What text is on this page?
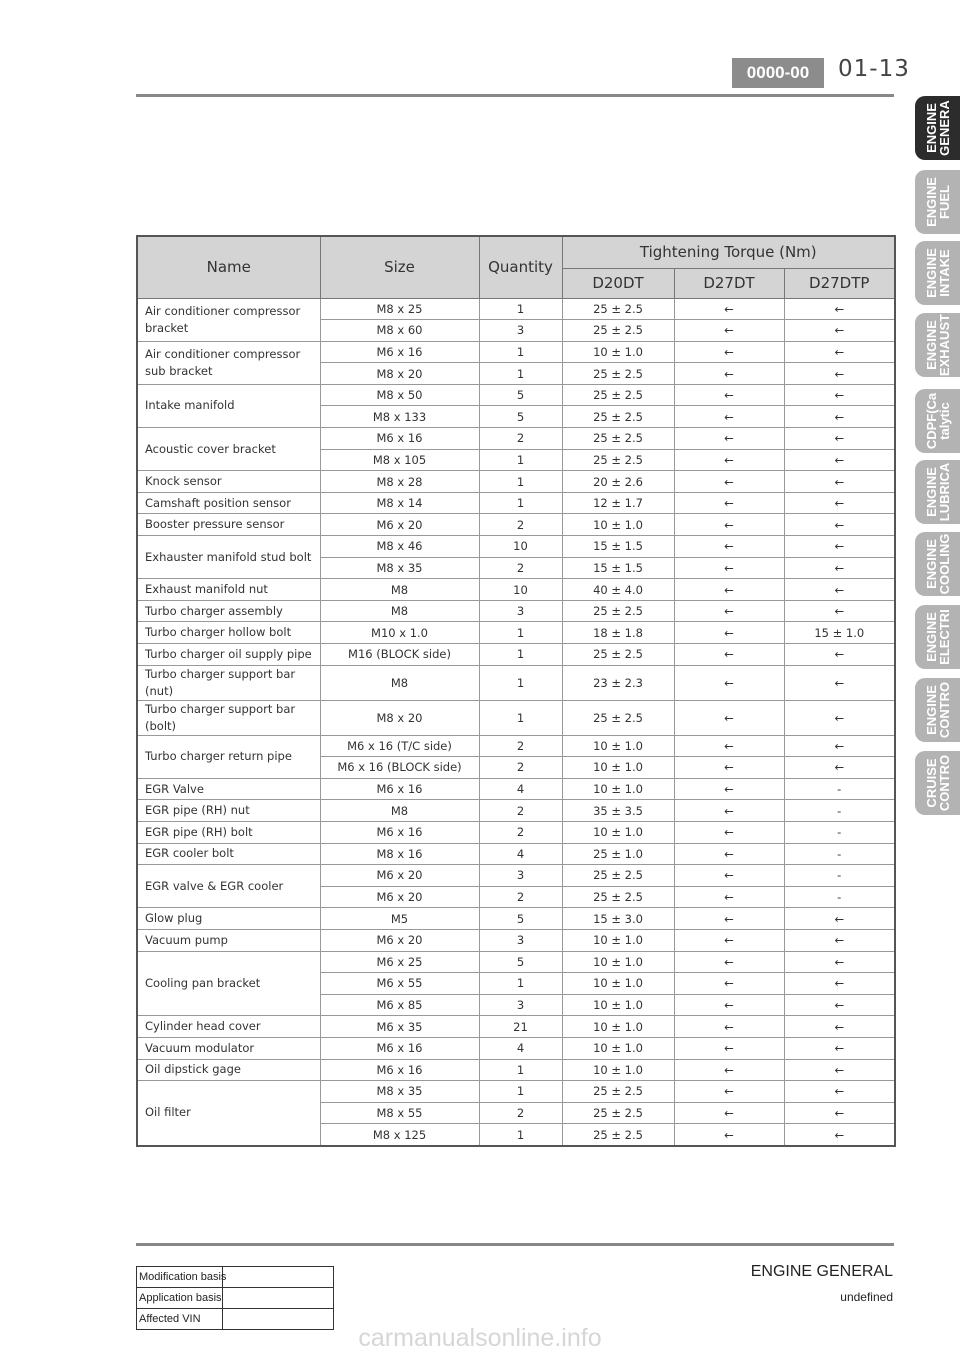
0000-00	01-13
ENGINE
GENERA
ENGINE
FUEL
ENGINE
INTAKE
ENGINE
EXHAUST
CDPF(Ca
talytic
ENGINE
LUBRICA
ENGINE
COOLING
ENGINE
ELECTRI
ENGINE
CONTRO
CRUISE
CONTRO
Name	Size	Quantity	Tightening Torque (Nm)		
			D20DT	D27DT	D27DTP
Air conditioner compressor bracket	M8 x 25	1	25 ± 2.5	←	←
	M8 x 60	3	25 ± 2.5	←	←
Air conditioner compressor sub bracket	M6 x 16	1	10 ± 1.0	←	←
	M8 x 20	1	25 ± 2.5	←	←
Intake manifold	M8 x 50	5	25 ± 2.5	←	←
	M8 x 133	5	25 ± 2.5	←	←
Acoustic cover bracket	M6 x 16	2	25 ± 2.5	←	←
	M8 x 105	1	25 ± 2.5	←	←
Knock sensor	M8 x 28	1	20 ± 2.6	←	←
Camshaft position sensor	M8 x 14	1	12 ± 1.7	←	←
Booster pressure sensor	M6 x 20	2	10 ± 1.0	←	←
Exhauster manifold stud bolt	M8 x 46	10	15 ± 1.5	←	←
	M8 x 35	2	15 ± 1.5	←	←
Exhaust manifold nut	M8	10	40 ± 4.0	←	←
Turbo charger assembly	M8	3	25 ± 2.5	←	←
Turbo charger hollow bolt	M10 x 1.0	1	18 ± 1.8	←	15 ± 1.0
Turbo charger oil supply pipe	M16 (BLOCK side)	1	25 ± 2.5	←	←
Turbo charger support bar (nut)	M8	1	23 ± 2.3	←	←
Turbo charger support bar (bolt)	M8 x 20	1	25 ± 2.5	←	←
Turbo charger return pipe	M6 x 16 (T/C side)	2	10 ± 1.0	←	←
	M6 x 16 (BLOCK side)	2	10 ± 1.0	←	←
EGR Valve	M6 x 16	4	10 ± 1.0	←	-
EGR pipe (RH) nut	M8	2	35 ± 3.5	←	-
EGR pipe (RH) bolt	M6 x 16	2	10 ± 1.0	←	-
EGR cooler bolt	M8 x 16	4	25 ± 1.0	←	-
EGR valve & EGR cooler	M6 x 20	3	25 ± 2.5	←	-
	M6 x 20	2	25 ± 2.5	←	-
Glow plug	M5	5	15 ± 3.0	←	←
Vacuum pump	M6 x 20	3	10 ± 1.0	←	←
Cooling pan bracket	M6 x 25	5	10 ± 1.0	←	←
	M6 x 55	1	10 ± 1.0	←	←
	M6 x 85	3	10 ± 1.0	←	←
Cylinder head cover	M6 x 35	21	10 ± 1.0	←	←
Vacuum modulator	M6 x 16	4	10 ± 1.0	←	←
Oil dipstick gage	M6 x 16	1	10 ± 1.0	←	←
Oil filter	M8 x 35	1	25 ± 2.5	←	←
	M8 x 55	2	25 ± 2.5	←	←
	M8 x 125	1	25 ± 2.5	←	←
ENGINE GENERAL
undefined
Modification basis	
Application basis	
Affected VIN	
carmanualsonline.info
